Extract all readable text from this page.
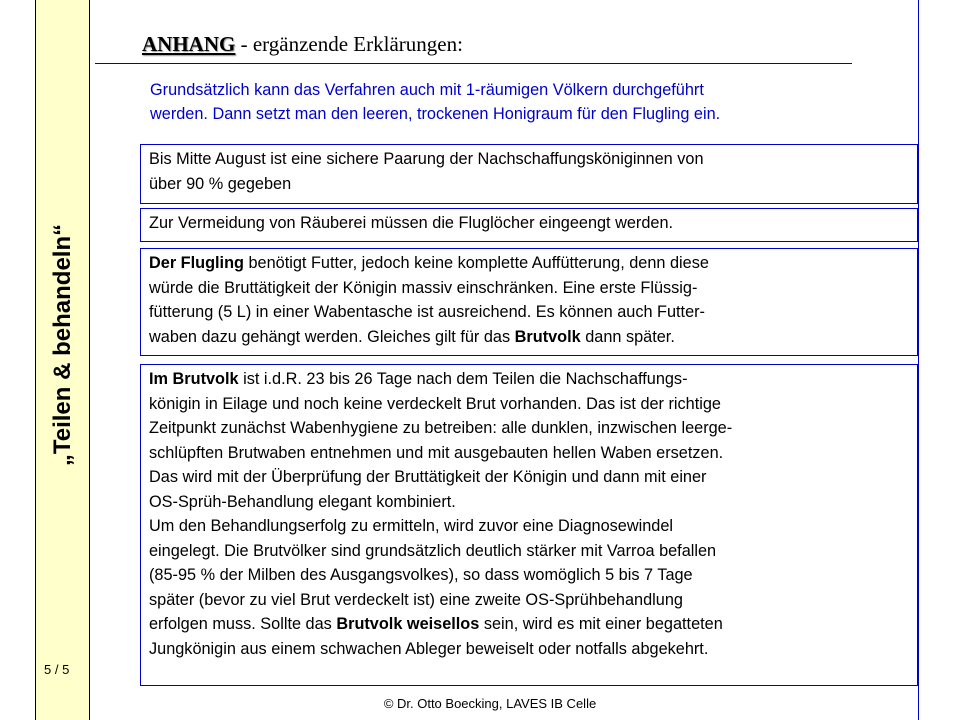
„Teilen & behandeln“
5 / 5
ANHANG - ergänzende Erklärungen:

Grundsätzlich kann das Verfahren auch mit 1-räumigen Völkern durchgeführt

werden. Dann setzt man den leeren, trockenen Honigraum für den Flugling ein.

Bis Mitte August ist eine sichere Paarung der Nachschaffungsköniginnen von

über 90 % gegeben

Zur Vermeidung von Räuberei müssen die Fluglöcher eingeengt werden.

Der Flugling benötigt Futter, jedoch keine komplette Auffütterung, denn diese

würde die Bruttätigkeit der Königin massiv einschränken. Eine erste Flüssig-

fütterung (5 L) in einer Wabentasche ist ausreichend. Es können auch Futter-

waben dazu gehängt werden. Gleiches gilt für das Brutvolk dann später.

Im Brutvolk ist i.d.R. 23 bis 26 Tage nach dem Teilen die Nachschaffungs-

königin in Eilage und noch keine verdeckelt Brut vorhanden. Das ist der richtige

Zeitpunkt zunächst Wabenhygiene zu betreiben: alle dunklen, inzwischen leerge-

schlüpften Brutwaben entnehmen und mit ausgebauten hellen Waben ersetzen.

Das wird mit der Überprüfung der Bruttätigkeit der Königin und dann mit einer

OS-Sprüh-Behandlung elegant kombiniert.

Um den Behandlungserfolg zu ermitteln, wird zuvor eine Diagnosewindel

eingelegt. Die Brutvölker sind grundsätzlich deutlich stärker mit Varroa befallen

(85-95 % der Milben des Ausgangsvolkes), so dass womöglich 5 bis 7 Tage

später (bevor zu viel Brut verdeckelt ist) eine zweite OS-Sprühbehandlung

erfolgen muss. Sollte das Brutvolk weisellos sein, wird es mit einer begatteten

Jungkönigin aus einem schwachen Ableger beweiselt oder notfalls abgekehrt.

© Dr. Otto Boecking, LAVES IB Celle
